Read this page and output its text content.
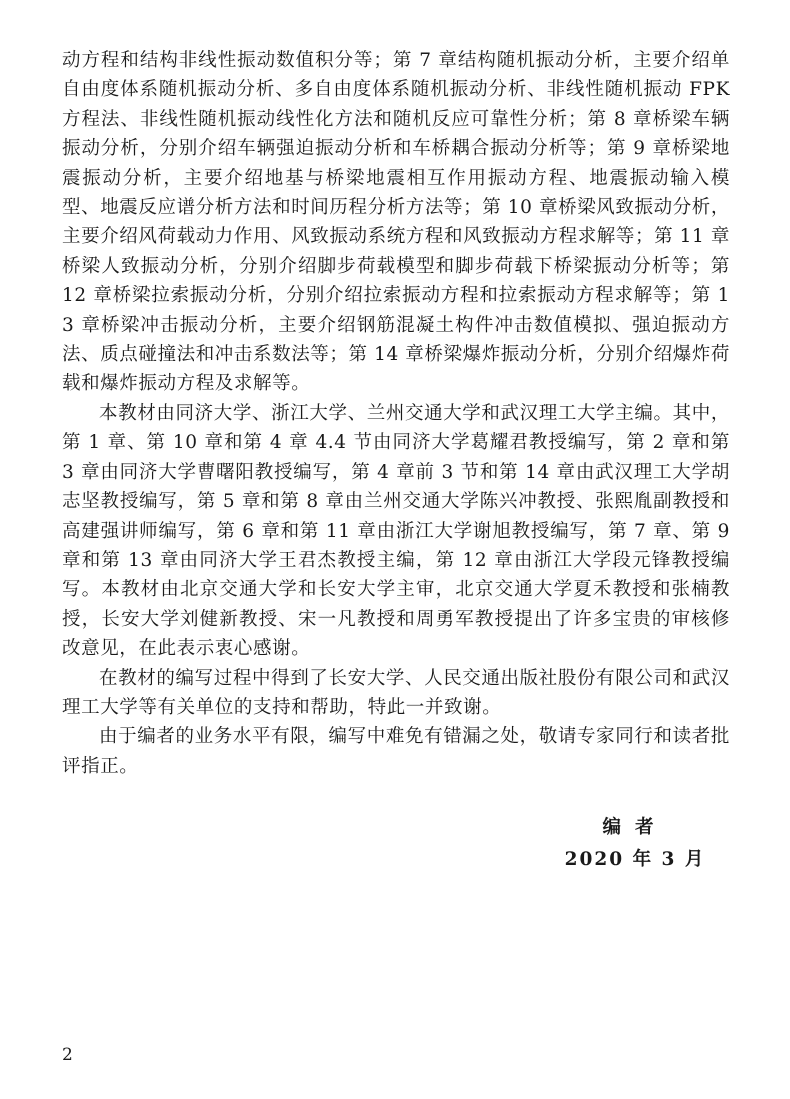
动方程和结构非线性振动数值积分等；第 7 章结构随机振动分析，主要介绍单自由度体系随机振动分析、多自由度体系随机振动分析、非线性随机振动 FPK 方程法、非线性随机振动线性化方法和随机反应可靠性分析；第 8 章桥梁车辆振动分析，分别介绍车辆强迫振动分析和车桥耦合振动分析等；第 9 章桥梁地震振动分析，主要介绍地基与桥梁地震相互作用振动方程、地震振动输入模型、地震反应谱分析方法和时间历程分析方法等；第 10 章桥梁风致振动分析，主要介绍风荷载动力作用、风致振动系统方程和风致振动方程求解等；第 11 章桥梁人致振动分析，分别介绍脚步荷载模型和脚步荷载下桥梁振动分析等；第 12 章桥梁拉索振动分析，分别介绍拉索振动方程和拉索振动方程求解等；第 13 章桥梁冲击振动分析，主要介绍钢筋混凝土构件冲击数值模拟、强迫振动方法、质点碰撞法和冲击系数法等；第 14 章桥梁爆炸振动分析，分别介绍爆炸荷载和爆炸振动方程及求解等。

本教材由同济大学、浙江大学、兰州交通大学和武汉理工大学主编。其中，第 1 章、第 10 章和第 4 章 4.4 节由同济大学葛耀君教授编写，第 2 章和第 3 章由同济大学曹曙阳教授编写，第 4 章前 3 节和第 14 章由武汉理工大学胡志坚教授编写，第 5 章和第 8 章由兰州交通大学陈兴冲教授、张熙胤副教授和高建强讲师编写，第 6 章和第 11 章由浙江大学谢旭教授编写，第 7 章、第 9 章和第 13 章由同济大学王君杰教授主编，第 12 章由浙江大学段元锋教授编写。本教材由北京交通大学和长安大学主审，北京交通大学夏禾教授和张楠教授，长安大学刘健新教授、宋一凡教授和周勇军教授提出了许多宝贵的审核修改意见，在此表示衷心感谢。

在教材的编写过程中得到了长安大学、人民交通出版社股份有限公司和武汉理工大学等有关单位的支持和帮助，特此一并致谢。

由于编者的业务水平有限，编写中难免有错漏之处，敬请专家同行和读者批评指正。

编者
2020 年 3 月
2
